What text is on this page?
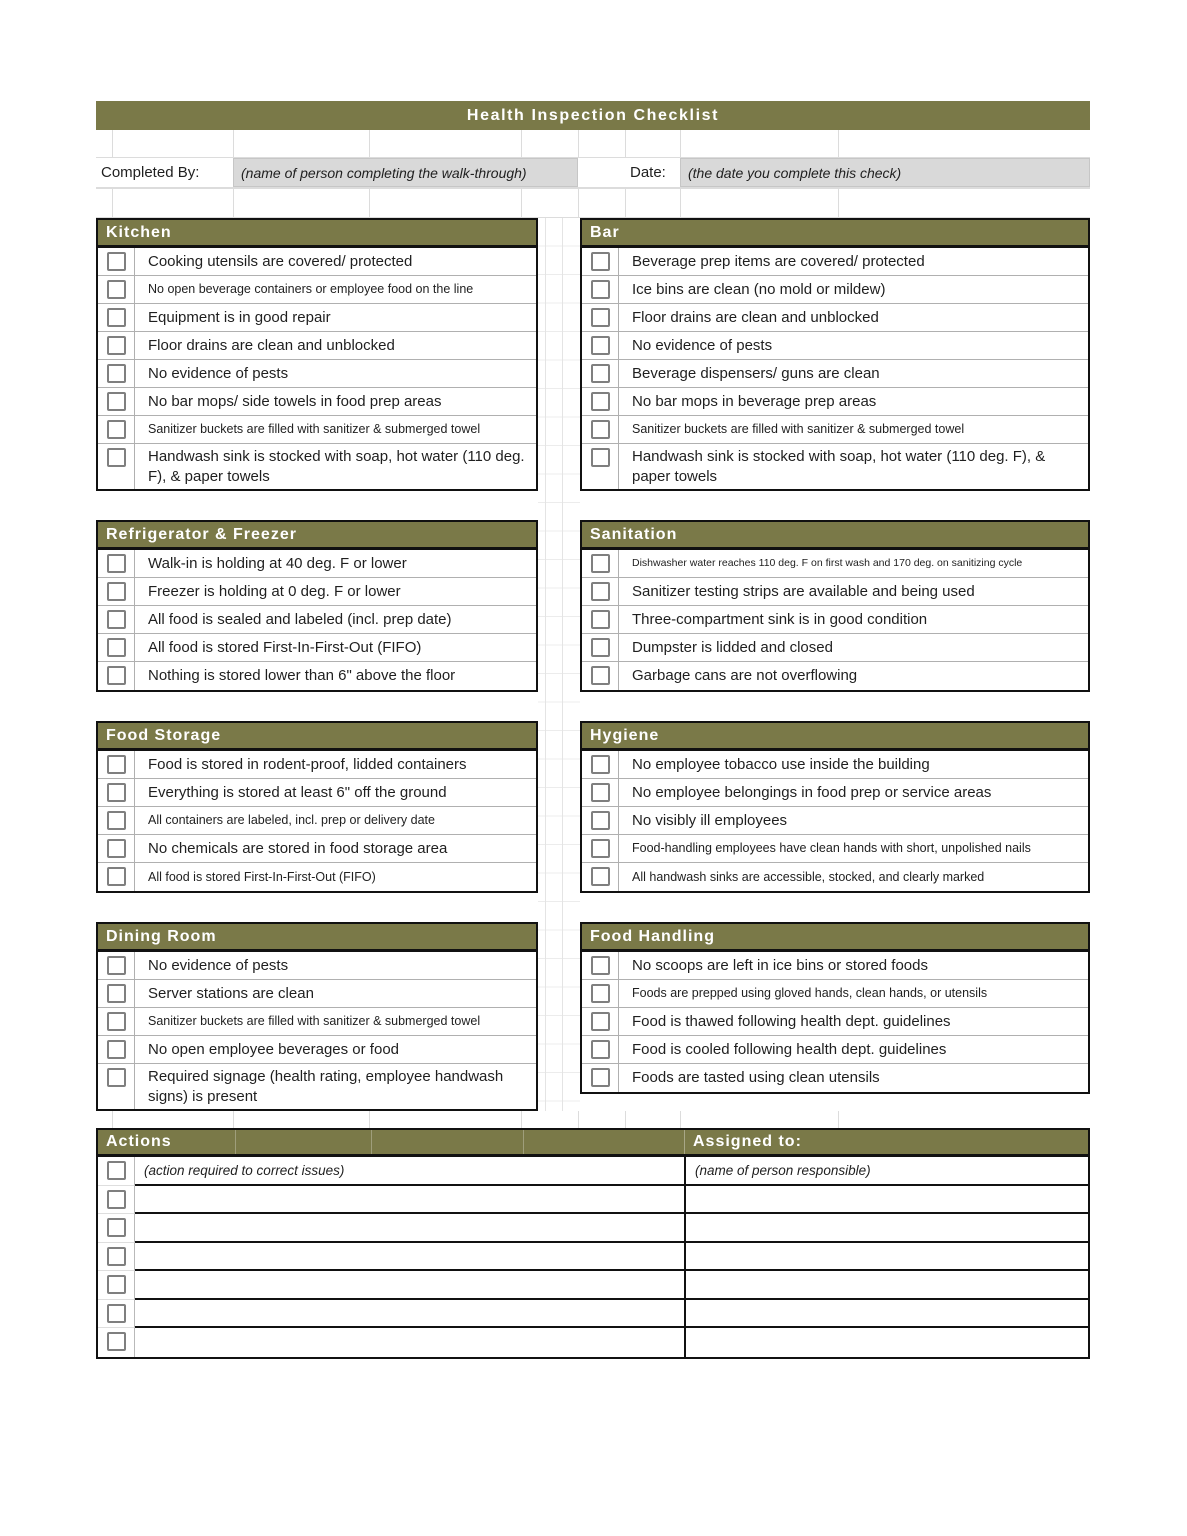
Health Inspection Checklist
Completed By:	(name of person completing the walk-through)	Date:	(the date you complete this check)
Kitchen
Cooking utensils are covered/ protected
No open beverage containers or employee food on the line
Equipment is in good repair
Floor drains are clean and unblocked
No evidence of pests
No bar mops/ side towels in food prep areas
Sanitizer buckets are filled with sanitizer & submerged towel
Handwash sink is stocked with soap, hot water (110 deg. F), & paper towels
Refrigerator & Freezer
Walk-in is holding at 40 deg. F or lower
Freezer is holding at 0 deg. F or lower
All food is sealed and labeled (incl. prep date)
All food is stored First-In-First-Out (FIFO)
Nothing is stored lower than 6" above the floor
Food Storage
Food is stored in rodent-proof, lidded containers
Everything is stored at least 6" off the ground
All containers are labeled, incl. prep or delivery date
No chemicals are stored in food storage area
All food is stored First-In-First-Out (FIFO)
Dining Room
No evidence of pests
Server stations are clean
Sanitizer buckets are filled with sanitizer & submerged towel
No open employee beverages or food
Required signage (health rating, employee handwash signs) is present
Bar
Beverage prep items are covered/ protected
Ice bins are clean (no mold or mildew)
Floor drains are clean and unblocked
No evidence of pests
Beverage dispensers/ guns are clean
No bar mops in beverage prep areas
Sanitizer buckets are filled with sanitizer & submerged towel
Handwash sink is stocked with soap, hot water (110 deg. F), & paper towels
Sanitation
Dishwasher water reaches 110 deg. F on first wash and 170 deg. on sanitizing cycle
Sanitizer testing strips are available and being used
Three-compartment sink is in good condition
Dumpster is lidded and closed
Garbage cans are not overflowing
Hygiene
No employee tobacco use inside the building
No employee belongings in food prep or service areas
No visibly ill employees
Food-handling employees have clean hands with short, unpolished nails
All handwash sinks are accessible, stocked, and clearly marked
Food Handling
No scoops are left in ice bins or stored foods
Foods are prepped using gloved hands, clean hands, or utensils
Food is thawed following health dept. guidelines
Food is cooled following health dept. guidelines
Foods are tasted using clean utensils
Actions	Assigned to:
(action required to correct issues)	(name of person responsible)
